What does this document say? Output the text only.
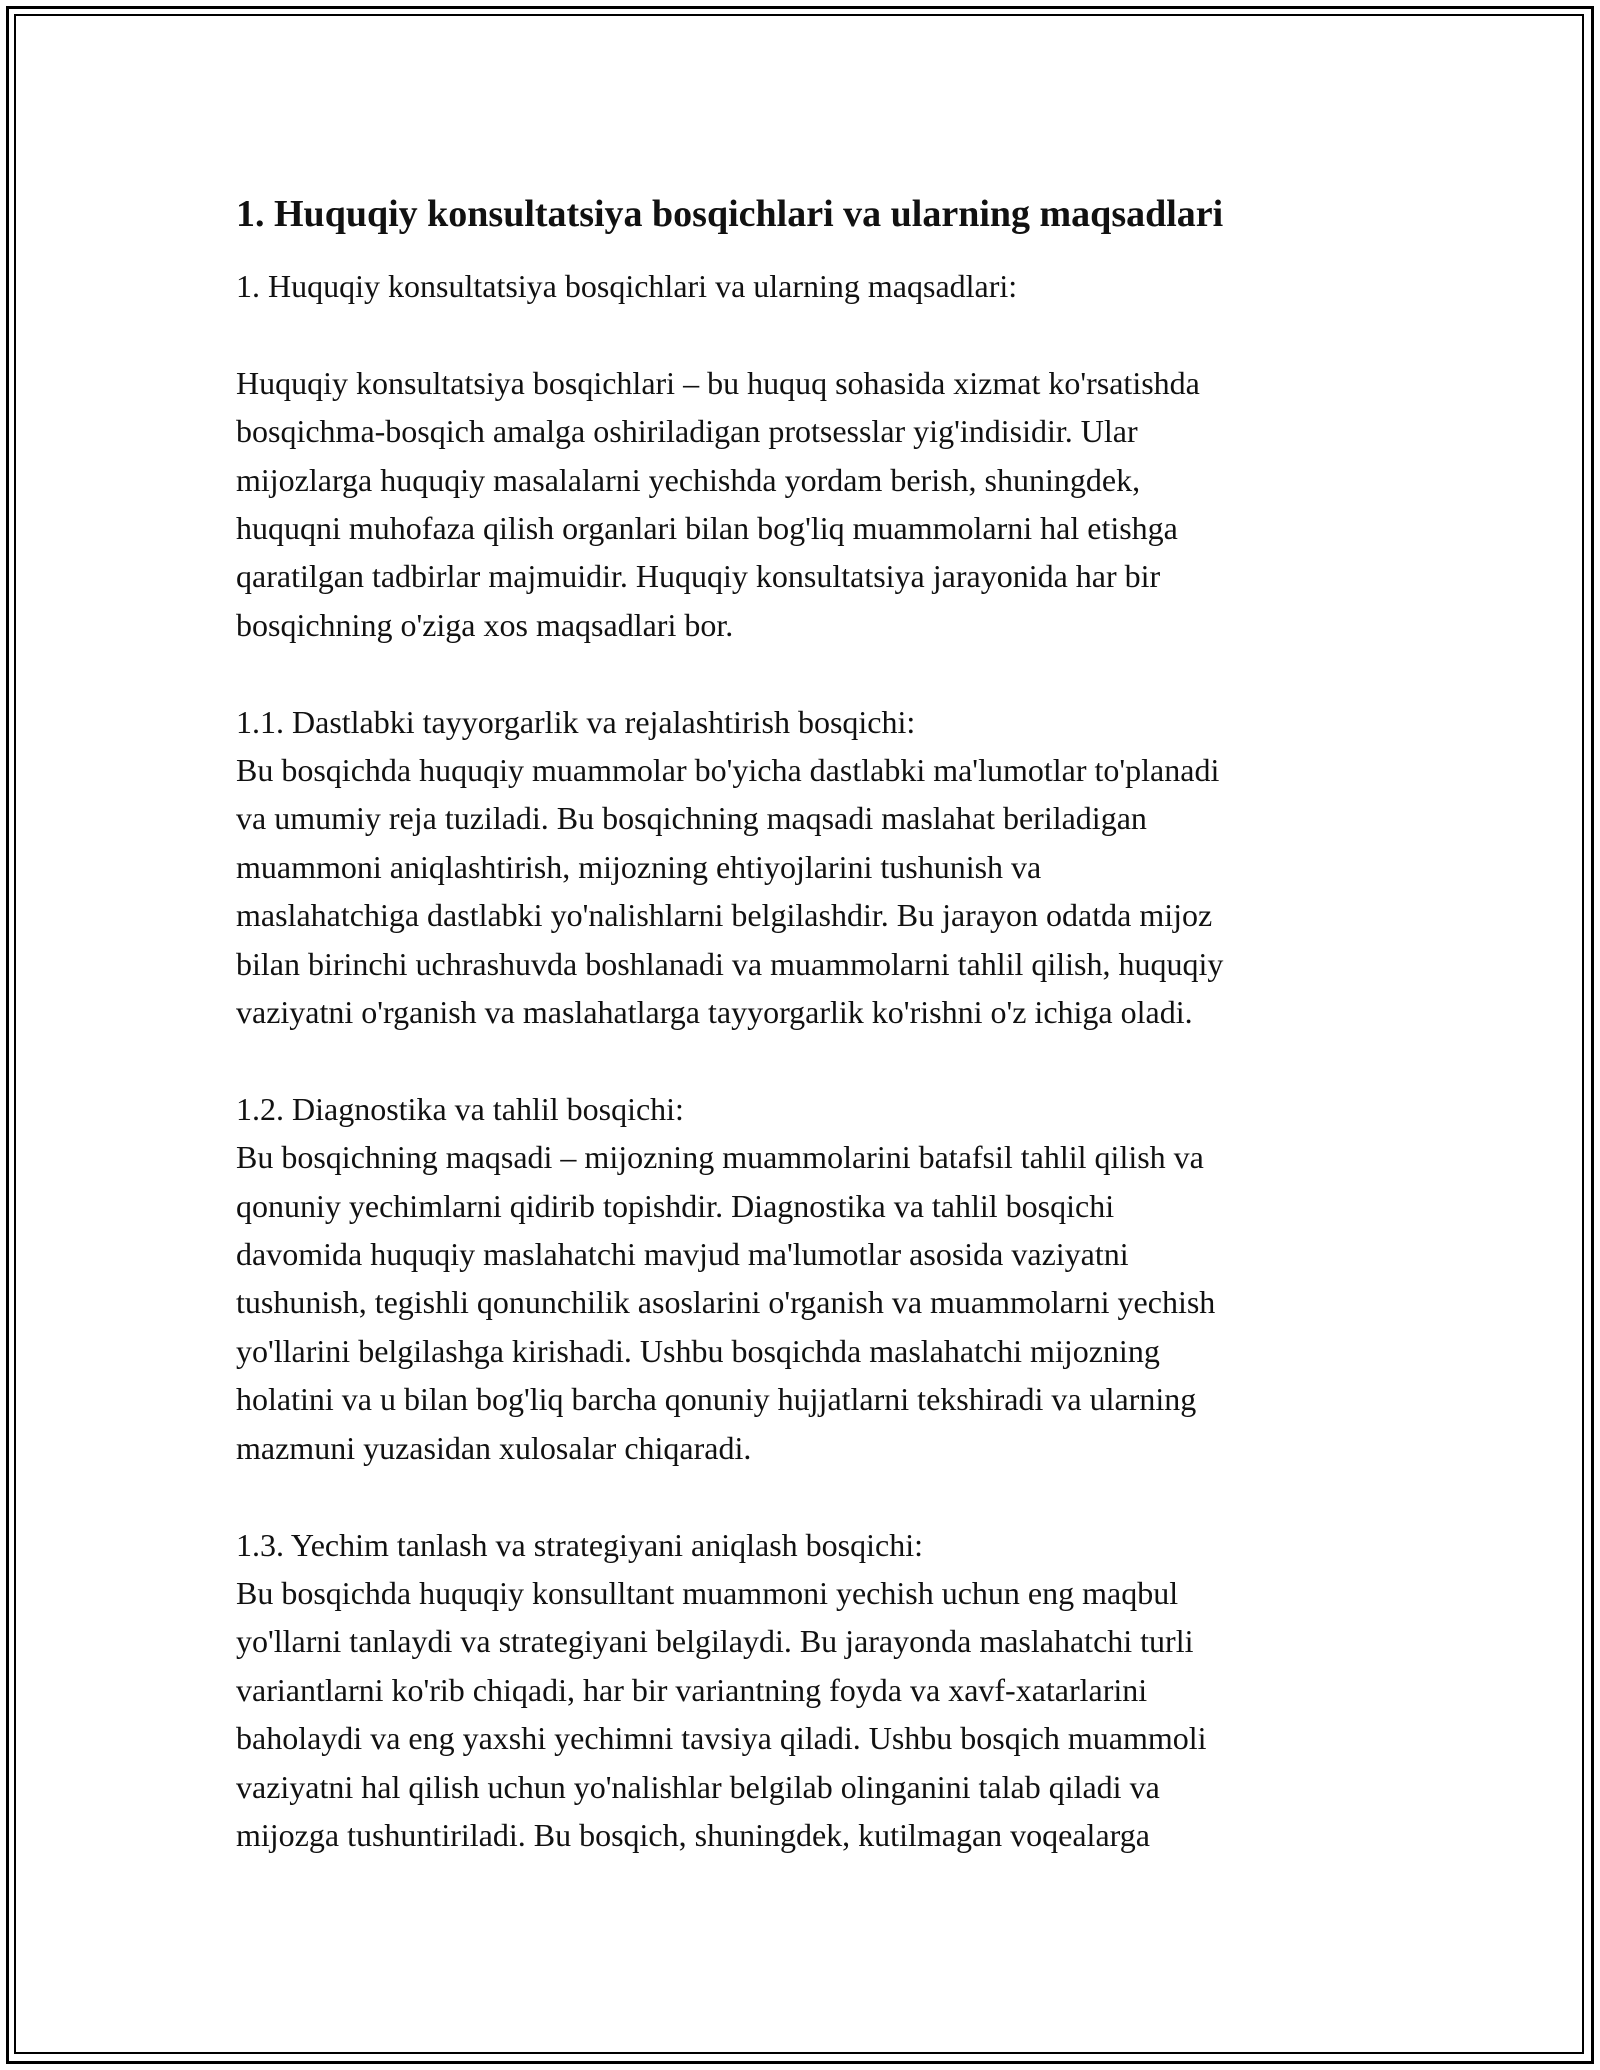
1. Huquqiy konsultatsiya bosqichlari va ularning maqsadlari

1. Huquqiy konsultatsiya bosqichlari va ularning maqsadlari:

Huquqiy konsultatsiya bosqichlari – bu huquq sohasida xizmat ko'rsatishda
bosqichma-bosqich amalga oshiriladigan protsesslar yig'indisidir. Ular
mijozlarga huquqiy masalalarni yechishda yordam berish, shuningdek,
huquqni muhofaza qilish organlari bilan bog'liq muammolarni hal etishga
qaratilgan tadbirlar majmuidir. Huquqiy konsultatsiya jarayonida har bir
bosqichning o'ziga xos maqsadlari bor.

1.1. Dastlabki tayyorgarlik va rejalashtirish bosqichi:

Bu bosqichda huquqiy muammolar bo'yicha dastlabki ma'lumotlar to'planadi
va umumiy reja tuziladi. Bu bosqichning maqsadi maslahat beriladigan
muammoni aniqlashtirish, mijozning ehtiyojlarini tushunish va
maslahatchiga dastlabki yo'nalishlarni belgilashdir. Bu jarayon odatda mijoz
bilan birinchi uchrashuvda boshlanadi va muammolarni tahlil qilish, huquqiy
vaziyatni o'rganish va maslahatlarga tayyorgarlik ko'rishni o'z ichiga oladi.

1.2. Diagnostika va tahlil bosqichi:

Bu bosqichning maqsadi – mijozning muammolarini batafsil tahlil qilish va
qonuniy yechimlarni qidirib topishdir. Diagnostika va tahlil bosqichi
davomida huquqiy maslahatchi mavjud ma'lumotlar asosida vaziyatni
tushunish, tegishli qonunchilik asoslarini o'rganish va muammolarni yechish
yo'llarini belgilashga kirishadi. Ushbu bosqichda maslahatchi mijozning
holatini va u bilan bog'liq barcha qonuniy hujjatlarni tekshiradi va ularning
mazmuni yuzasidan xulosalar chiqaradi.

1.3. Yechim tanlash va strategiyani aniqlash bosqichi:

Bu bosqichda huquqiy konsulltant muammoni yechish uchun eng maqbul
yo'llarni tanlaydi va strategiyani belgilaydi. Bu jarayonda maslahatchi turli
variantlarni ko'rib chiqadi, har bir variantning foyda va xavf-xatarlarini
baholaydi va eng yaxshi yechimni tavsiya qiladi. Ushbu bosqich muammoli
vaziyatni hal qilish uchun yo'nalishlar belgilab olinganini talab qiladi va
mijozga tushuntiriladi. Bu bosqich, shuningdek, kutilmagan voqealarga
